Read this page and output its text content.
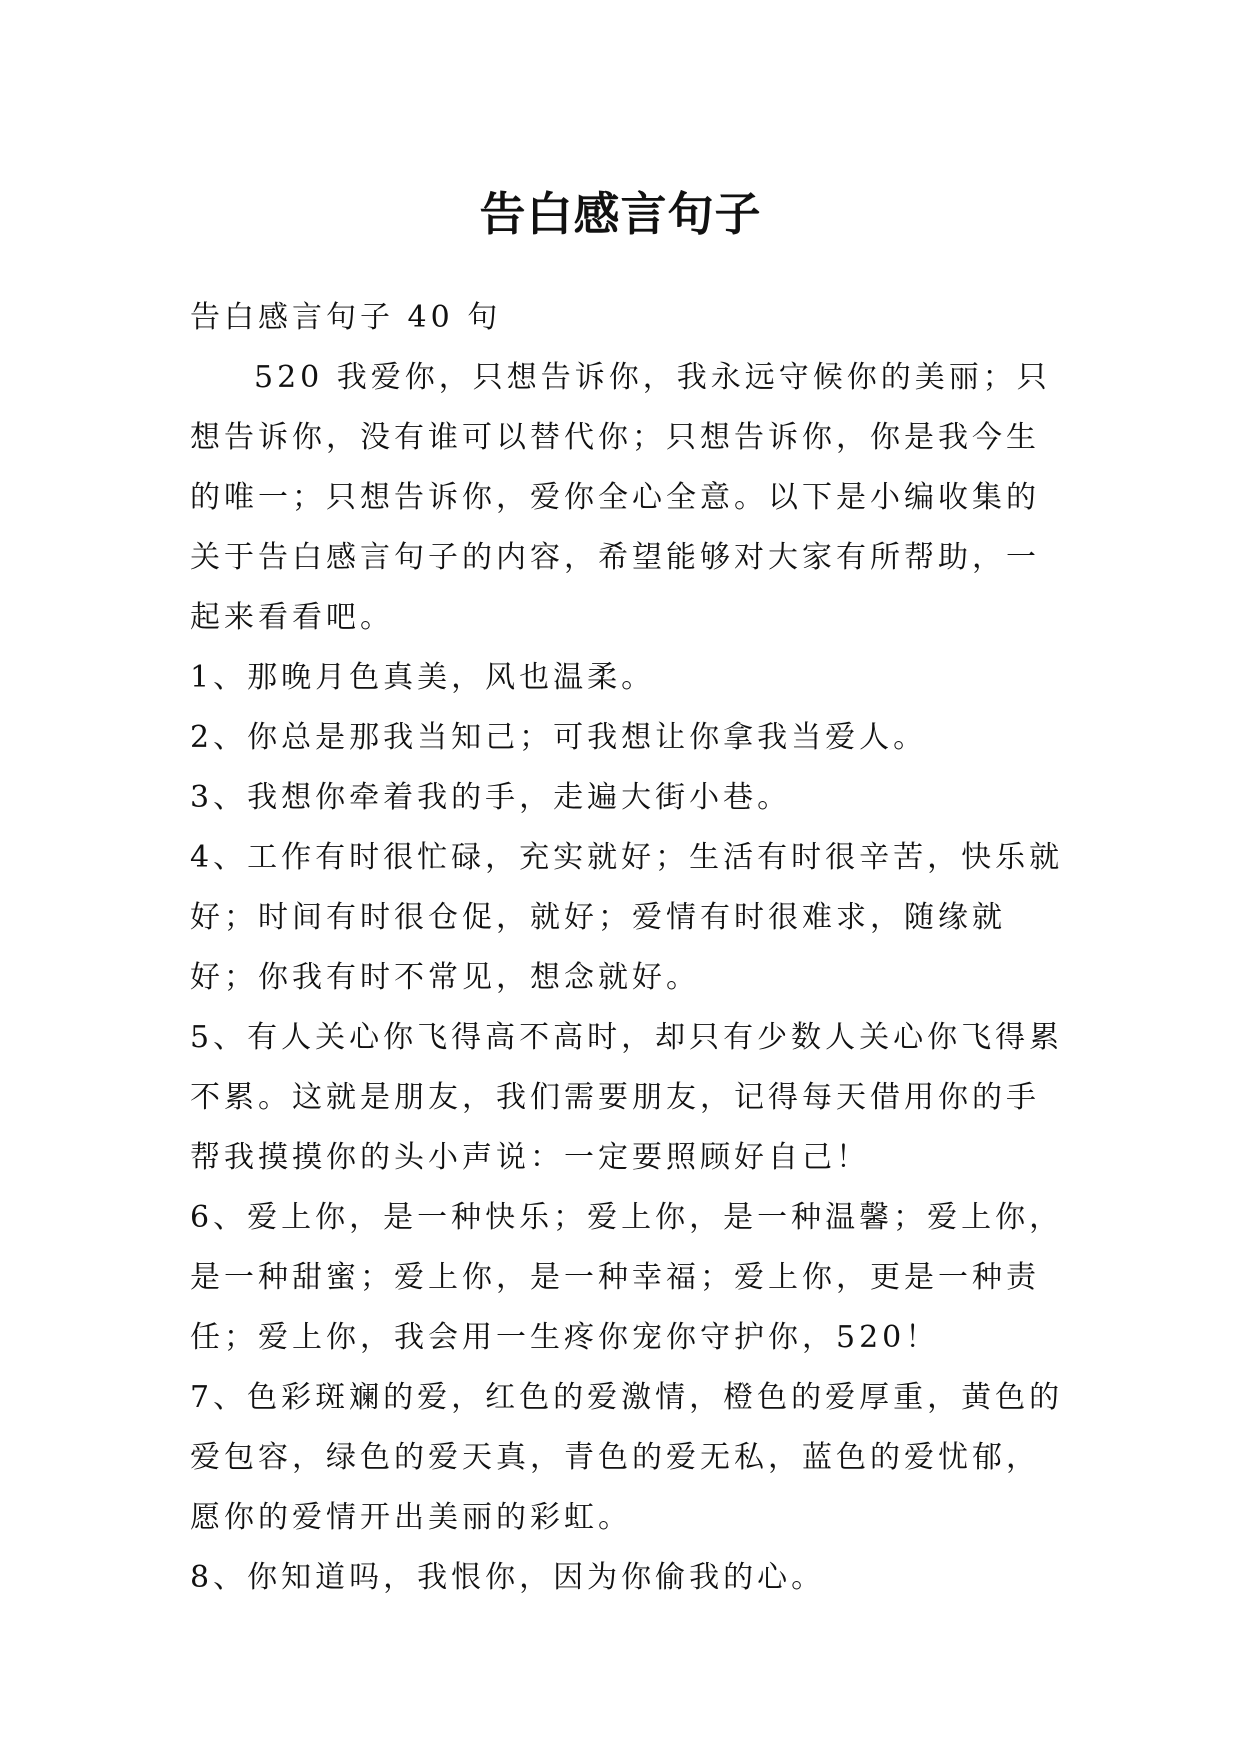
告白感言句子

告白感言句子 40 句

520 我爱你，只想告诉你，我永远守候你的美丽；只想告诉你，没有谁可以替代你；只想告诉你，你是我今生的唯一；只想告诉你，爱你全心全意。以下是小编收集的关于告白感言句子的内容，希望能够对大家有所帮助，一起来看看吧。

1、那晚月色真美，风也温柔。

2、你总是那我当知己；可我想让你拿我当爱人。

3、我想你牵着我的手，走遍大街小巷。

4、工作有时很忙碌，充实就好；生活有时很辛苦，快乐就好；时间有时很仓促，就好；爱情有时很难求，随缘就好；你我有时不常见，想念就好。

5、有人关心你飞得高不高时，却只有少数人关心你飞得累不累。这就是朋友，我们需要朋友，记得每天借用你的手帮我摸摸你的头小声说：一定要照顾好自己！

6、爱上你，是一种快乐；爱上你，是一种温馨；爱上你，是一种甜蜜；爱上你，是一种幸福；爱上你，更是一种责任；爱上你，我会用一生疼你宠你守护你，520！

7、色彩斑斓的爱，红色的爱激情，橙色的爱厚重，黄色的爱包容，绿色的爱天真，青色的爱无私，蓝色的爱忧郁，愿你的爱情开出美丽的彩虹。

8、你知道吗，我恨你，因为你偷我的心。
